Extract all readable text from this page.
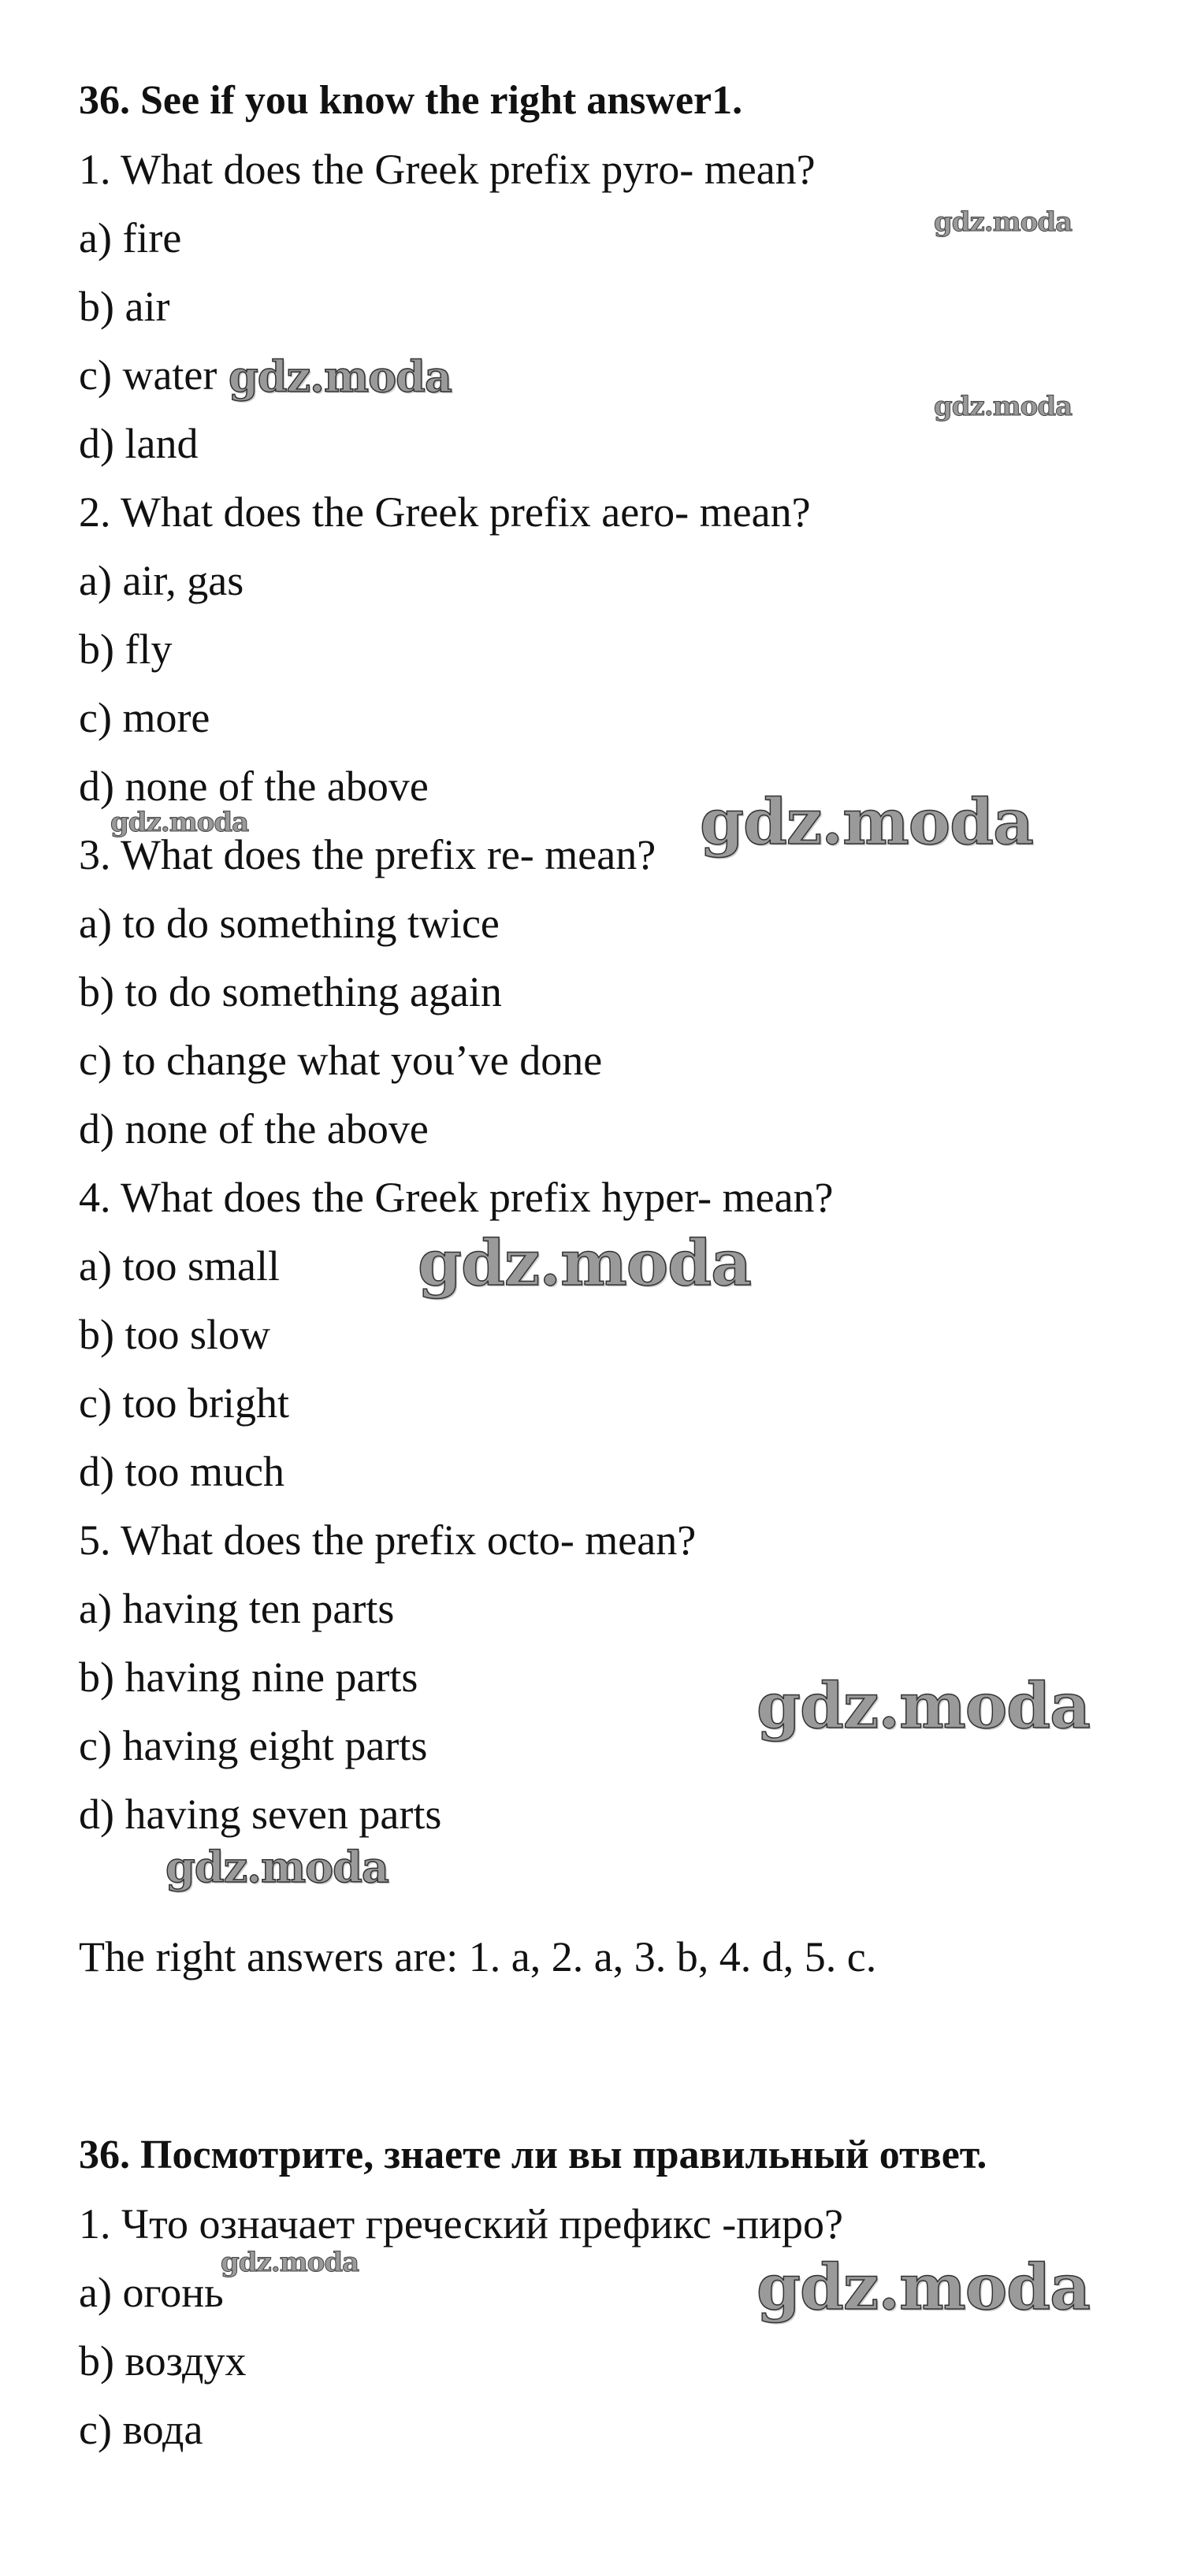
36. See if you know the right answer1.
1. What does the Greek prefix pyro- mean?
a) fire
b) air
c) water
d) land
2. What does the Greek prefix aero- mean?
a) air, gas
b) fly
c) more
d) none of the above
3. What does the prefix re- mean?
a) to do something twice
b) to do something again
c) to change what you’ve done
d) none of the above
4. What does the Greek prefix hyper- mean?
a) too small
b) too slow
c) too bright
d) too much
5. What does the prefix octo- mean?
a) having ten parts
b) having nine parts
c) having eight parts
d) having seven parts
The right answers are: 1. a, 2. a, 3. b, 4. d, 5. c.
36. Посмотрите, знаете ли вы правильный ответ.
1. Что означает греческий префикс -пиро?
a) огонь
b) воздух
c) вода
gdz.moda
gdz.moda
gdz.moda
gdz.moda	gdz.moda
gdz.moda
gdz.moda
gdz.moda
gdz.moda	gdz.moda
